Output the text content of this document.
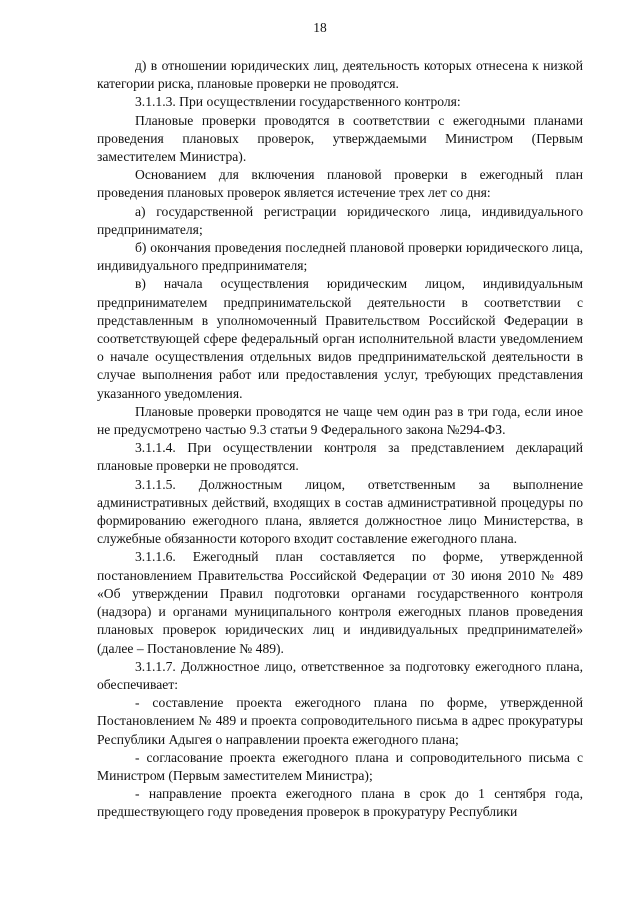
18

д) в отношении юридических лиц, деятельность которых отнесена к низкой категории риска, плановые проверки не проводятся.

3.1.1.3. При осуществлении государственного контроля:

Плановые проверки проводятся в соответствии с ежегодными планами проведения плановых проверок, утверждаемыми Министром (Первым заместителем Министра).

Основанием для включения плановой проверки в ежегодный план проведения плановых проверок является истечение трех лет со дня:

а) государственной регистрации юридического лица, индивидуального предпринимателя;

б) окончания проведения последней плановой проверки юридического лица, индивидуального предпринимателя;

в) начала осуществления юридическим лицом, индивидуальным предпринимателем предпринимательской деятельности в соответствии с представленным в уполномоченный Правительством Российской Федерации в соответствующей сфере федеральный орган исполнительной власти уведомлением о начале осуществления отдельных видов предпринимательской деятельности в случае выполнения работ или предоставления услуг, требующих представления указанного уведомления.

Плановые проверки проводятся не чаще чем один раз в три года, если иное не предусмотрено частью 9.3 статьи 9 Федерального закона №294-ФЗ.

3.1.1.4. При осуществлении контроля за представлением деклараций плановые проверки не проводятся.

3.1.1.5. Должностным лицом, ответственным за выполнение административных действий, входящих в состав административной процедуры по формированию ежегодного плана, является должностное лицо Министерства, в служебные обязанности которого входит составление ежегодного плана.

3.1.1.6. Ежегодный план составляется по форме, утвержденной постановлением Правительства Российской Федерации от 30 июня 2010 № 489 «Об утверждении Правил подготовки органами государственного контроля (надзора) и органами муниципального контроля ежегодных планов проведения плановых проверок юридических лиц и индивидуальных предпринимателей» (далее – Постановление № 489).

3.1.1.7. Должностное лицо, ответственное за подготовку ежегодного плана, обеспечивает:

- составление проекта ежегодного плана по форме, утвержденной Постановлением № 489 и проекта сопроводительного письма в адрес прокуратуры Республики Адыгея о направлении проекта ежегодного плана;

- согласование проекта ежегодного плана и сопроводительного письма с Министром (Первым заместителем Министра);

- направление проекта ежегодного плана в срок до 1 сентября года, предшествующего году проведения проверок в прокуратуру Республики
